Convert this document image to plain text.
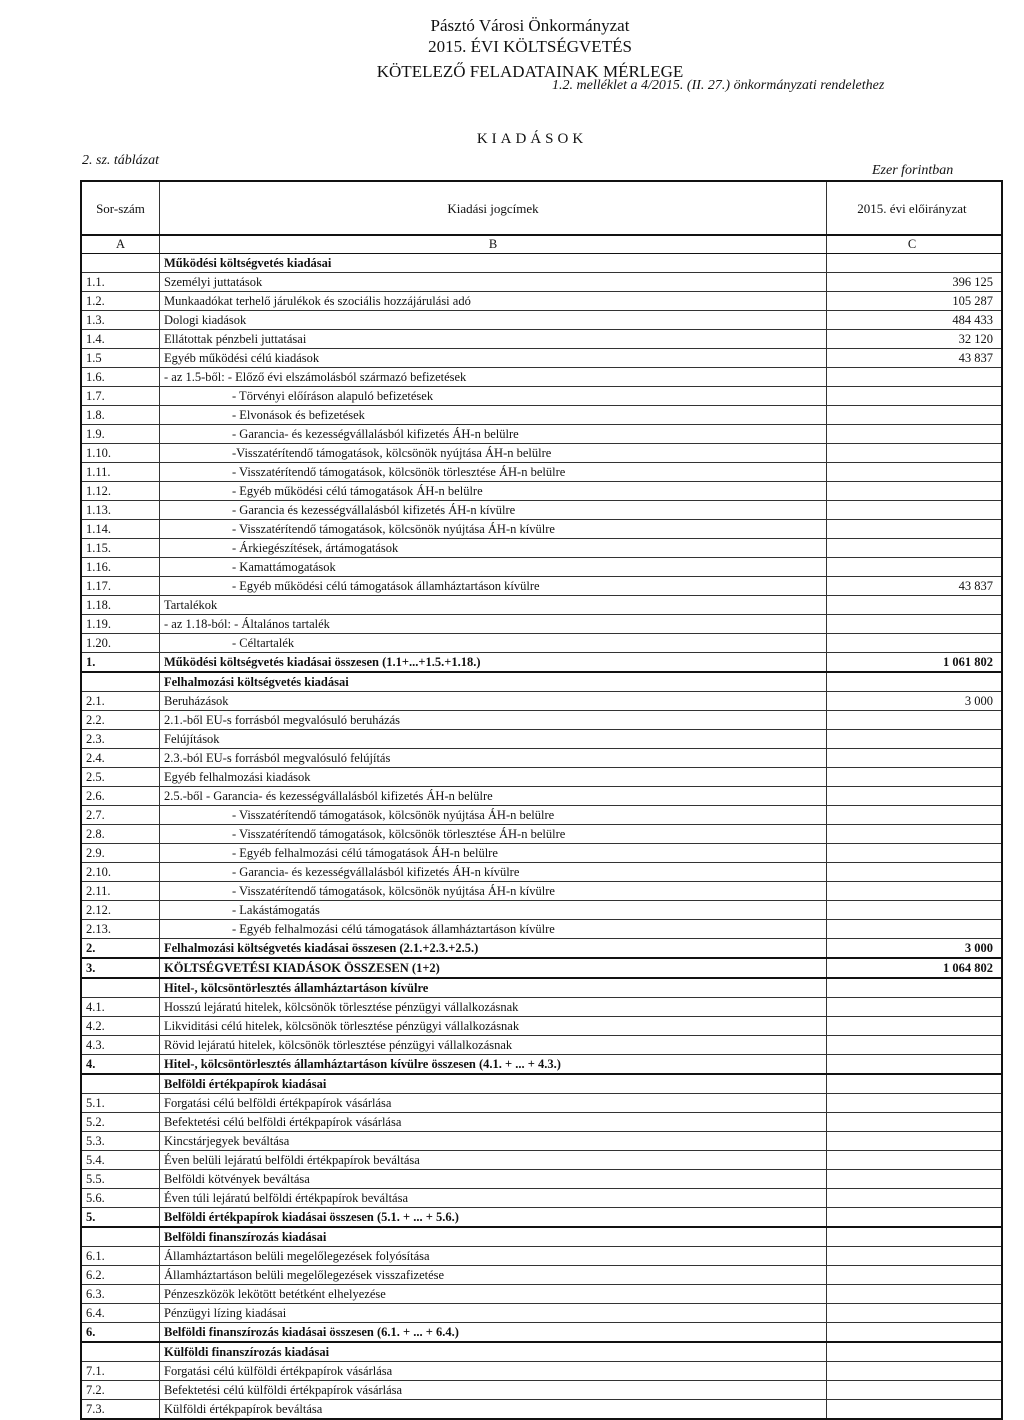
Pásztó Városi Önkormányzat
2015. ÉVI KÖLTSÉGVETÉS
KÖTELEZŐ FELADATAINAK MÉRLEGE
1.2. melléklet a 4/2015. (II. 27.) önkormányzati rendelethez
KIADÁSOK
2. sz. táblázat
Ezer forintban
Sor-szám	Kiadási jogcímek	2015. évi előirányzat
A	B	C
	Működési költségvetés kiadásai	
1.1.	Személyi juttatások	396 125
1.2.	Munkaadókat terhelő járulékok és szociális hozzájárulási adó	105 287
1.3.	Dologi kiadások	484 433
1.4.	Ellátottak pénzbeli juttatásai	32 120
1.5	Egyéb működési célú kiadások	43 837
1.6.	- az 1.5-ből: - Előző évi elszámolásból származó befizetések	
1.7.	- Törvényi előíráson alapuló befizetések	
1.8.	- Elvonások és befizetések	
1.9.	- Garancia- és kezességvállalásból kifizetés ÁH-n belülre	
1.10.	-Visszatérítendő támogatások, kölcsönök nyújtása ÁH-n belülre	
1.11.	- Visszatérítendő támogatások, kölcsönök törlesztése ÁH-n belülre	
1.12.	- Egyéb működési célú támogatások ÁH-n belülre	
1.13.	- Garancia és kezességvállalásból kifizetés ÁH-n kívülre	
1.14.	- Visszatérítendő támogatások, kölcsönök nyújtása ÁH-n kívülre	
1.15.	- Árkiegészítések, ártámogatások	
1.16.	- Kamattámogatások	
1.17.	- Egyéb működési célú támogatások államháztartáson kívülre	43 837
1.18.	Tartalékok	
1.19.	- az 1.18-ból: - Általános tartalék	
1.20.	- Céltartalék	
1.	Működési költségvetés kiadásai összesen (1.1+...+1.5.+1.18.)	1 061 802
	Felhalmozási költségvetés kiadásai	
2.1.	Beruházások	3 000
2.2.	2.1.-ből EU-s forrásból megvalósuló beruházás	
2.3.	Felújítások	
2.4.	2.3.-ból EU-s forrásból megvalósuló felújítás	
2.5.	Egyéb felhalmozási kiadások	
2.6.	2.5.-ből - Garancia- és kezességvállalásból kifizetés ÁH-n belülre	
2.7.	- Visszatérítendő támogatások, kölcsönök nyújtása ÁH-n belülre	
2.8.	- Visszatérítendő támogatások, kölcsönök törlesztése ÁH-n belülre	
2.9.	- Egyéb felhalmozási célú támogatások ÁH-n belülre	
2.10.	- Garancia- és kezességvállalásból kifizetés ÁH-n kívülre	
2.11.	- Visszatérítendő támogatások, kölcsönök nyújtása ÁH-n kívülre	
2.12.	- Lakástámogatás	
2.13.	- Egyéb felhalmozási célú támogatások államháztartáson kívülre	
2.	Felhalmozási költségvetés kiadásai összesen (2.1.+2.3.+2.5.)	3 000
3.	KÖLTSÉGVETÉSI KIADÁSOK ÖSSZESEN (1+2)	1 064 802
	Hitel-, kölcsöntörlesztés államháztartáson kívülre	
4.1.	Hosszú lejáratú hitelek, kölcsönök törlesztése pénzügyi vállalkozásnak	
4.2.	Likviditási célú hitelek, kölcsönök törlesztése pénzügyi vállalkozásnak	
4.3.	Rövid lejáratú hitelek, kölcsönök törlesztése pénzügyi vállalkozásnak	
4.	Hitel-, kölcsöntörlesztés államháztartáson kívülre összesen (4.1. + ... + 4.3.)	
	Belföldi értékpapírok kiadásai	
5.1.	Forgatási célú belföldi értékpapírok vásárlása	
5.2.	Befektetési célú belföldi értékpapírok vásárlása	
5.3.	Kincstárjegyek beváltása	
5.4.	Éven belüli lejáratú belföldi értékpapírok beváltása	
5.5.	Belföldi kötvények beváltása	
5.6.	Éven túli lejáratú belföldi értékpapírok beváltása	
5.	Belföldi értékpapírok kiadásai összesen (5.1. + ... + 5.6.)	
	Belföldi finanszírozás kiadásai	
6.1.	Államháztartáson belüli megelőlegezések folyósítása	
6.2.	Államháztartáson belüli megelőlegezések visszafizetése	
6.3.	Pénzeszközök lekötött betétként elhelyezése	
6.4.	Pénzügyi lízing kiadásai	
6.	Belföldi finanszírozás kiadásai összesen (6.1. + ... + 6.4.)	
	Külföldi finanszírozás kiadásai	
7.1.	Forgatási célú külföldi értékpapírok vásárlása	
7.2.	Befektetési célú külföldi értékpapírok vásárlása	
7.3.	Külföldi értékpapírok beváltása	
